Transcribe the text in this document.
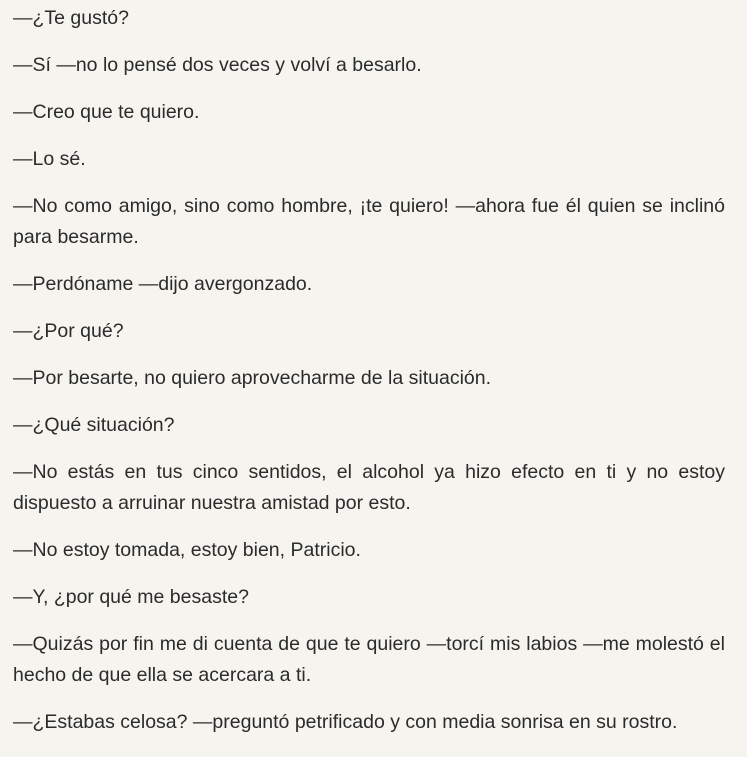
—¿Te gustó?

—Sí —no lo pensé dos veces y volví a besarlo.

—Creo que te quiero.

—Lo sé.

—No como amigo, sino como hombre, ¡te quiero! —ahora fue él quien se inclinó para besarme.

—Perdóname —dijo avergonzado.

—¿Por qué?

—Por besarte, no quiero aprovecharme de la situación.

—¿Qué situación?

—No estás en tus cinco sentidos, el alcohol ya hizo efecto en ti y no estoy dispuesto a arruinar nuestra amistad por esto.

—No estoy tomada, estoy bien, Patricio.

—Y, ¿por qué me besaste?

—Quizás por fin me di cuenta de que te quiero —torcí mis labios —me molestó el hecho de que ella se acercara a ti.

—¿Estabas celosa? —preguntó petrificado y con media sonrisa en su rostro.
